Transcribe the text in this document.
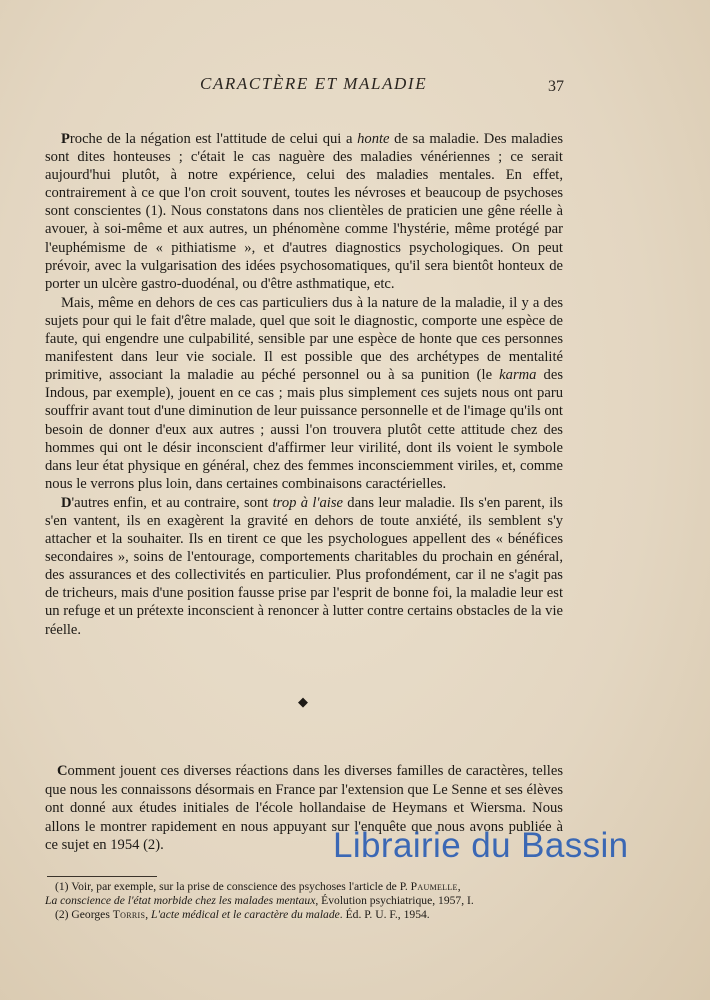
CARACTÈRE ET MALADIE	37

Proche de la négation est l'attitude de celui qui a honte de sa maladie. Des maladies sont dites honteuses ; c'était le cas naguère des maladies vénériennes ; ce serait aujourd'hui plutôt, à notre expérience, celui des maladies mentales. En effet, contrairement à ce que l'on croit souvent, toutes les névroses et beaucoup de psychoses sont conscientes (1). Nous constatons dans nos clientèles de praticien une gêne réelle à avouer, à soi-même et aux autres, un phénomène comme l'hystérie, même protégé par l'euphémisme de « pithiatisme », et d'autres diagnostics psychologiques. On peut prévoir, avec la vulgarisation des idées psychosomatiques, qu'il sera bientôt honteux de porter un ulcère gastro-duodénal, ou d'être asthmatique, etc.

Mais, même en dehors de ces cas particuliers dus à la nature de la maladie, il y a des sujets pour qui le fait d'être malade, quel que soit le diagnostic, comporte une espèce de faute, qui engendre une culpabilité, sensible par une espèce de honte que ces personnes manifestent dans leur vie sociale. Il est possible que des archétypes de mentalité primitive, associant la maladie au péché personnel ou à sa punition (le karma des Indous, par exemple), jouent en ce cas ; mais plus simplement ces sujets nous ont paru souffrir avant tout d'une diminution de leur puissance personnelle et de l'image qu'ils ont besoin de donner d'eux aux autres ; aussi l'on trouvera plutôt cette attitude chez des hommes qui ont le désir inconscient d'affirmer leur virilité, dont ils voient le symbole dans leur état physique en général, chez des femmes inconsciemment viriles, et, comme nous le verrons plus loin, dans certaines combinaisons caractérielles.

D'autres enfin, et au contraire, sont trop à l'aise dans leur maladie. Ils s'en parent, ils s'en vantent, ils en exagèrent la gravité en dehors de toute anxiété, ils semblent s'y attacher et la souhaiter. Ils en tirent ce que les psychologues appellent des « bénéfices secondaires », soins de l'entourage, comportements charitables du prochain en général, des assurances et des collectivités en particulier. Plus profondément, car il ne s'agit pas de tricheurs, mais d'une position fausse prise par l'esprit de bonne foi, la maladie leur est un refuge et un prétexte inconscient à renoncer à lutter contre certains obstacles de la vie réelle.

◆

Comment jouent ces diverses réactions dans les diverses familles de caractères, telles que nous les connaissons désormais en France par l'extension que Le Senne et ses élèves ont donné aux études initiales de l'école hollandaise de Heymans et Wiersma. Nous allons le montrer rapidement en nous appuyant sur l'enquête que nous avons publiée à ce sujet en 1954 (2).

(1) Voir, par exemple, sur la prise de conscience des psychoses l'article de P. Paumelle,
La conscience de l'état morbide chez les malades mentaux, Évolution psychiatrique, 1957, I.

(2) Georges Torris, L'acte médical et le caractère du malade. Éd. P. U. F., 1954.

Librairie du Bassin
